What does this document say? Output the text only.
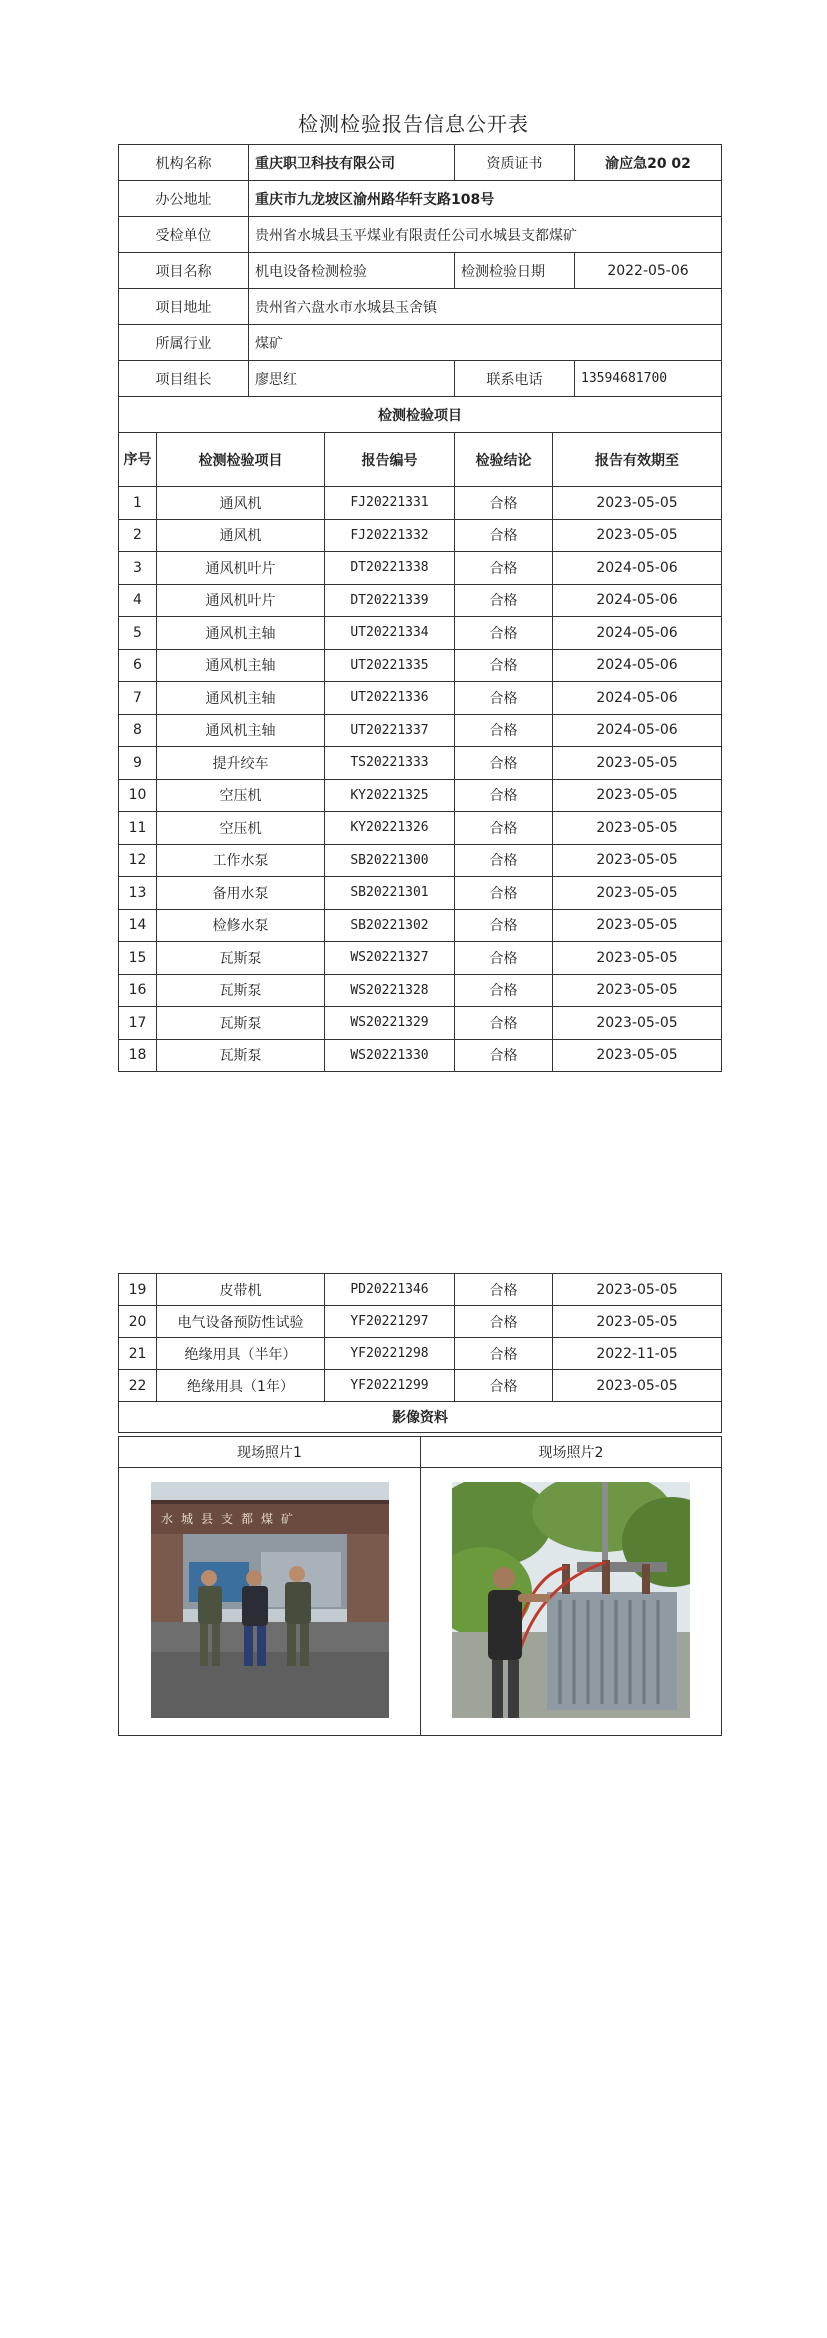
检测检验报告信息公开表
机构名称	重庆职卫科技有限公司	资质证书	渝应急20 02
办公地址	重庆市九龙坡区渝州路华轩支路108号		
受检单位	贵州省水城县玉平煤业有限责任公司水城县支都煤矿		
项目名称	机电设备检测检验	检测检验日期	2022-05-06
项目地址	贵州省六盘水市水城县玉舍镇		
所属行业	煤矿		
项目组长	廖思红	联系电话	13594681700
检测检验项目			
序号	检测检验项目	报告编号	检验结论	报告有效期至
1	通风机	FJ20221331	合格	2023-05-05
2	通风机	FJ20221332	合格	2023-05-05
3	通风机叶片	DT20221338	合格	2024-05-06
4	通风机叶片	DT20221339	合格	2024-05-06
5	通风机主轴	UT20221334	合格	2024-05-06
6	通风机主轴	UT20221335	合格	2024-05-06
7	通风机主轴	UT20221336	合格	2024-05-06
8	通风机主轴	UT20221337	合格	2024-05-06
9	提升绞车	TS20221333	合格	2023-05-05
10	空压机	KY20221325	合格	2023-05-05
11	空压机	KY20221326	合格	2023-05-05
12	工作水泵	SB20221300	合格	2023-05-05
13	备用水泵	SB20221301	合格	2023-05-05
14	检修水泵	SB20221302	合格	2023-05-05
15	瓦斯泵	WS20221327	合格	2023-05-05
16	瓦斯泵	WS20221328	合格	2023-05-05
17	瓦斯泵	WS20221329	合格	2023-05-05
18	瓦斯泵	WS20221330	合格	2023-05-05
19	皮带机	PD20221346	合格	2023-05-05
20	电气设备预防性试验	YF20221297	合格	2023-05-05
21	绝缘用具（半年）	YF20221298	合格	2022-11-05
22	绝缘用具（1年）	YF20221299	合格	2023-05-05
影像资料				
现场照片1	现场照片2

水城县支都煤矿
